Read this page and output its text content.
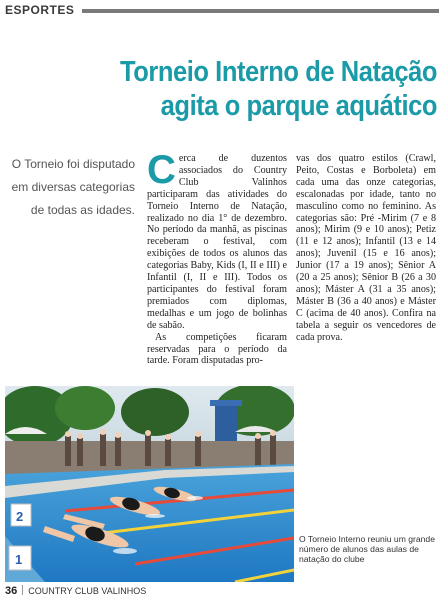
ESPORTES
Torneio Interno de Natação
agita o parque aquático
O Torneio foi disputado em diversas categorias de todas as idades.

Cerca de duzentos associados do Country Club Valinhos participaram das atividades do Torneio Interno de Natação, realizado no dia 1° de dezembro. No período da manhã, as piscinas receberam o festival, com exibições de todos os alunos das categorias Baby, Kids (I, II e III) e Infantil (I, II e III). Todos os participantes do festival foram premiados com diplomas, medalhas e um jogo de bolinhas de sabão.

As competições ficaram reservadas para o período da tarde. Foram disputadas pro-

vas dos quatro estilos (Crawl, Peito, Costas e Borboleta) em cada uma das onze categorias, escalonadas por idade, tanto no masculino como no feminino. As categorias são: Pré -Mirim (7 e 8 anos); Mirim (9 e 10 anos); Petiz (11 e 12 anos); Infantil (13 e 14 anos); Juvenil (15 e 16 anos); Junior (17 a 19 anos); Sênior A (20 a 25 anos); Sênior B (26 a 30 anos); Máster A (31 a 35 anos); Máster B (36 a 40 anos) e Máster C (acima de 40 anos). Confira na tabela a seguir os vencedores de cada prova.

2
1
O Torneio Interno reuniu um grande número de alunos das aulas de natação do clube
36 COUNTRY CLUB VALINHOS
